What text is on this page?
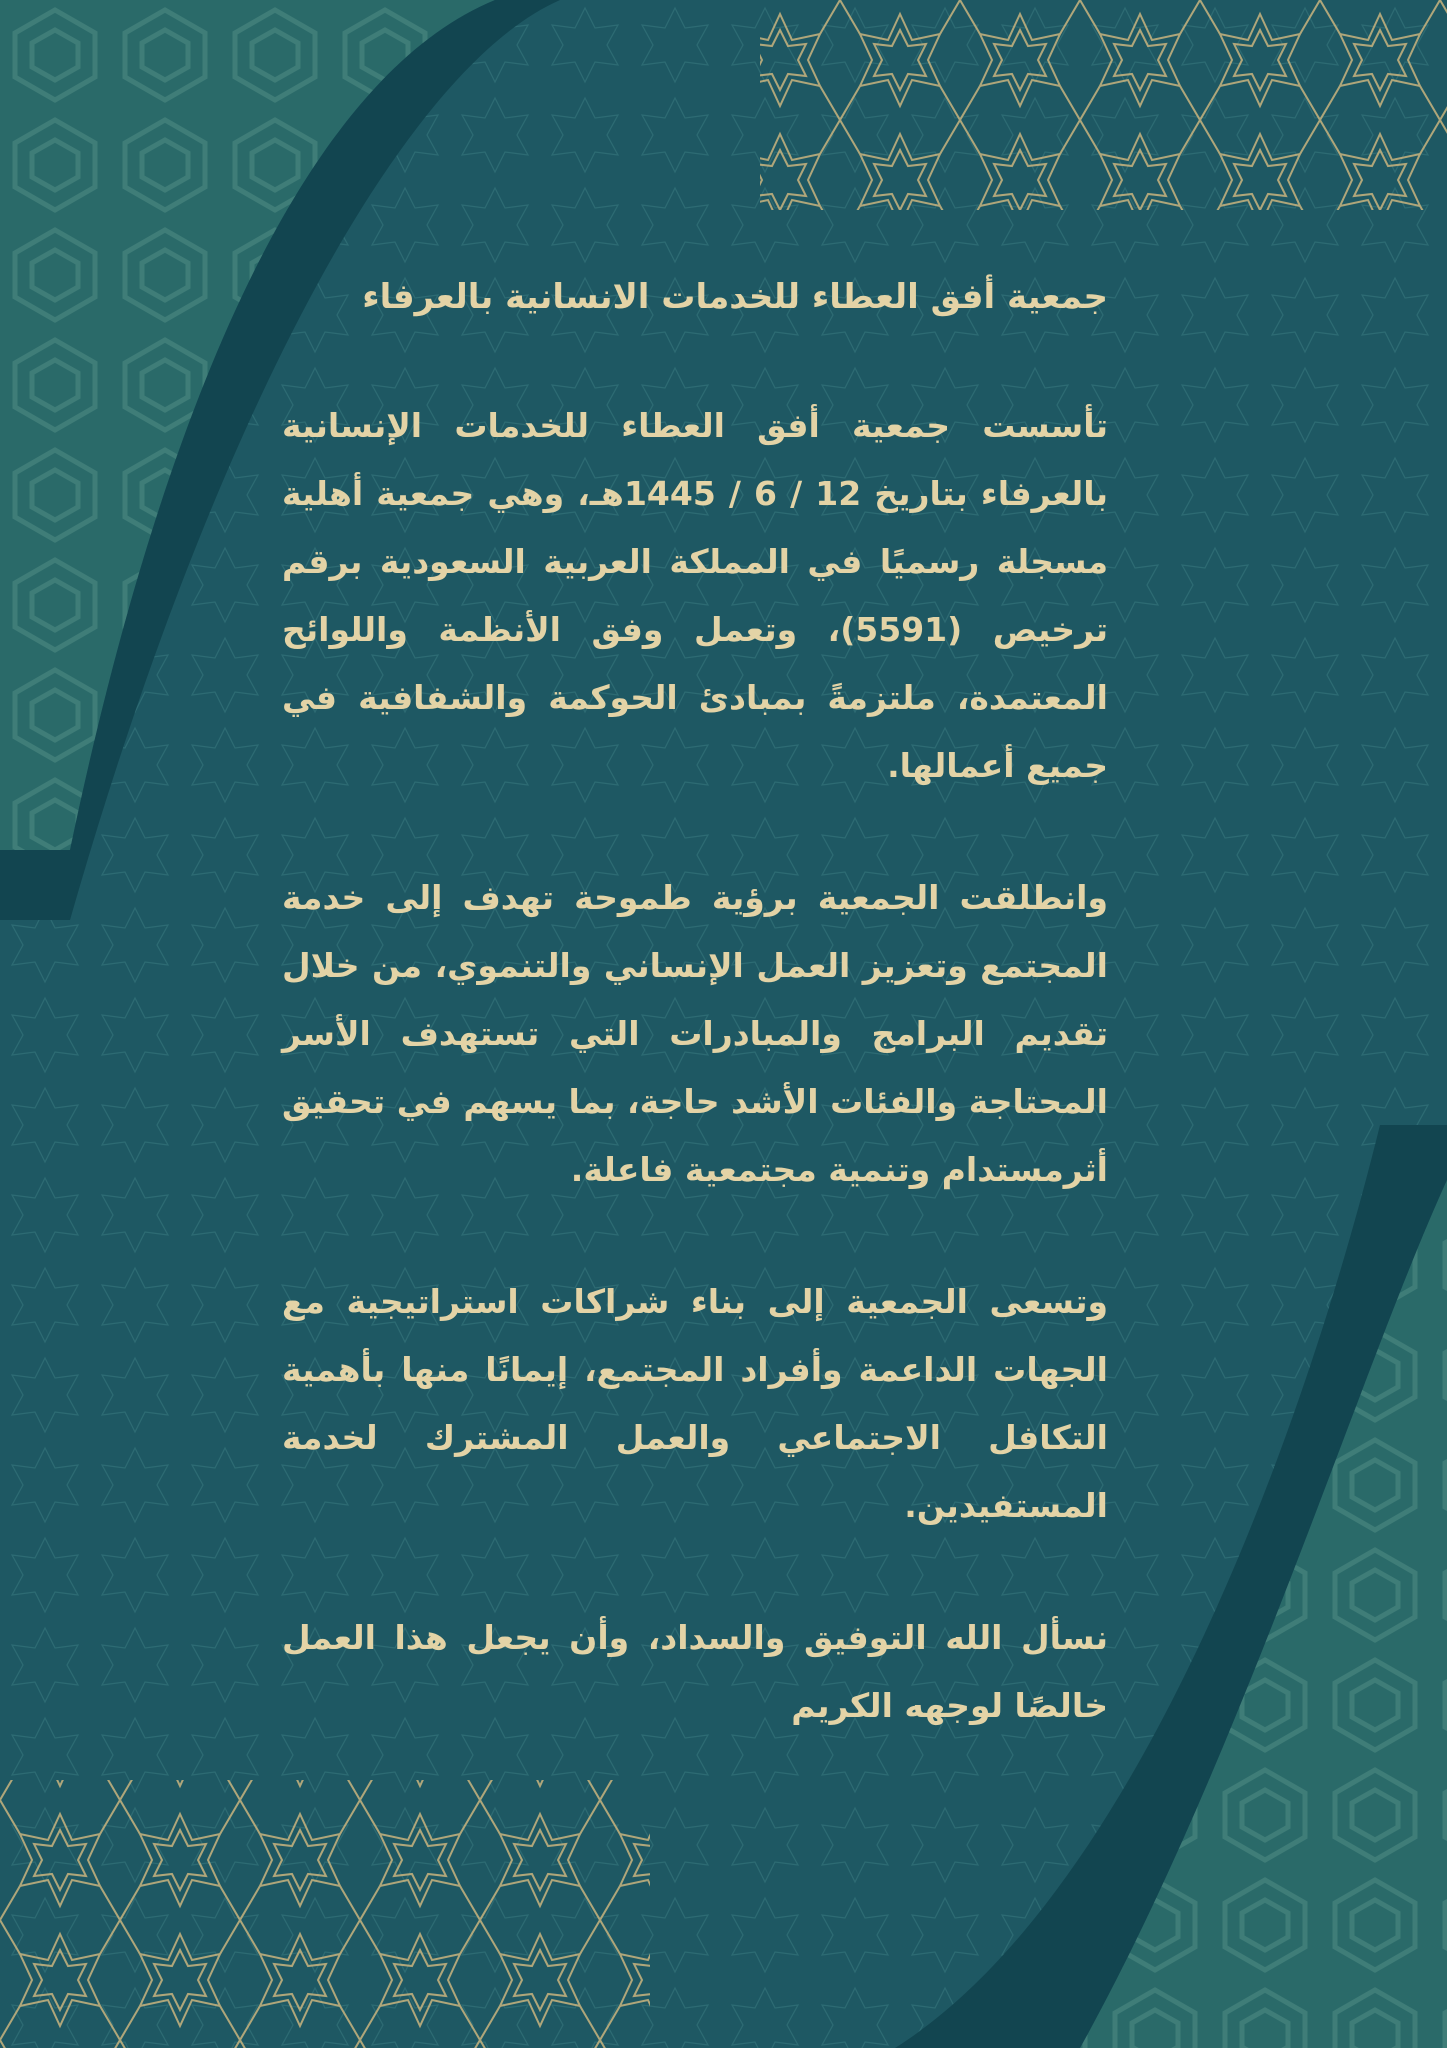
جمعية أفق العطاء للخدمات الانسانية بالعرفاء

تأسست جمعية أفق العطاء للخدمات الإنسانية بالعرفاء بتاريخ 12 / 6 / 1445هـ، وهي جمعية أهلية مسجلة رسميًا في المملكة العربية السعودية برقم ترخيص (5591)، وتعمل وفق الأنظمة واللوائح المعتمدة، ملتزمةً بمبادئ الحوكمة والشفافية في جميع أعمالها.

وانطلقت الجمعية برؤية طموحة تهدف إلى خدمة المجتمع وتعزيز العمل الإنساني والتنموي، من خلال تقديم البرامج والمبادرات التي تستهدف الأسر المحتاجة والفئات الأشد حاجة، بما يسهم في تحقيق أثرمستدام وتنمية مجتمعية فاعلة.

وتسعى الجمعية إلى بناء شراكات استراتيجية مع الجهات الداعمة وأفراد المجتمع، إيمانًا منها بأهمية التكافل الاجتماعي والعمل المشترك لخدمة المستفيدين.

نسأل الله التوفيق والسداد، وأن يجعل هذا العمل خالصًا لوجهه الكريم
